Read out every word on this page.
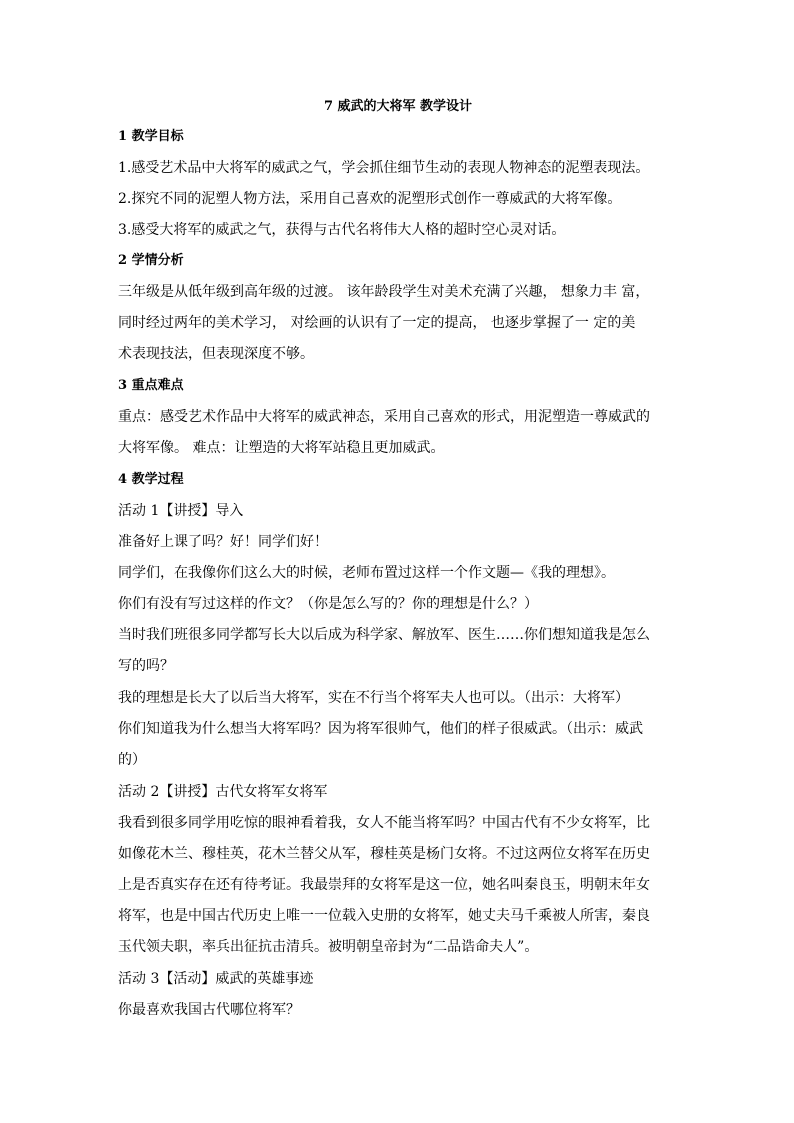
7 威武的大将军 教学设计
1 教学目标
1.感受艺术品中大将军的威武之气，学会抓住细节生动的表现人物神态的泥塑表现法。
2.探究不同的泥塑人物方法，采用自己喜欢的泥塑形式创作一尊威武的大将军像。
3.感受大将军的威武之气，获得与古代名将伟大人格的超时空心灵对话。
2 学情分析
三年级是从低年级到高年级的过渡。 该年龄段学生对美术充满了兴趣， 想象力丰 富，
同时经过两年的美术学习， 对绘画的认识有了一定的提高， 也逐步掌握了一 定的美
术表现技法，但表现深度不够。
3 重点难点
重点：感受艺术作品中大将军的威武神态，采用自己喜欢的形式，用泥塑造一尊威武的
大将军像。 难点：让塑造的大将军站稳且更加威武。
4 教学过程
活动 1【讲授】导入
准备好上课了吗？好！同学们好！
同学们，在我像你们这么大的时候，老师布置过这样一个作文题—《我的理想》。
你们有没有写过这样的作文？（你是怎么写的？你的理想是什么？）
当时我们班很多同学都写长大以后成为科学家、解放军、医生……你们想知道我是怎么
写的吗？
我的理想是长大了以后当大将军，实在不行当个将军夫人也可以。（出示：大将军）
你们知道我为什么想当大将军吗？因为将军很帅气，他们的样子很威武。（出示：威武
的）
活动 2【讲授】古代女将军女将军
我看到很多同学用吃惊的眼神看着我，女人不能当将军吗？中国古代有不少女将军，比
如像花木兰、穆桂英，花木兰替父从军，穆桂英是杨门女将。不过这两位女将军在历史
上是否真实存在还有待考证。我最崇拜的女将军是这一位，她名叫秦良玉，明朝末年女
将军，也是中国古代历史上唯一一位载入史册的女将军，她丈夫马千乘被人所害，秦良
玉代领夫职，率兵出征抗击清兵。被明朝皇帝封为“二品诰命夫人”。
活动 3【活动】威武的英雄事迹
你最喜欢我国古代哪位将军？
